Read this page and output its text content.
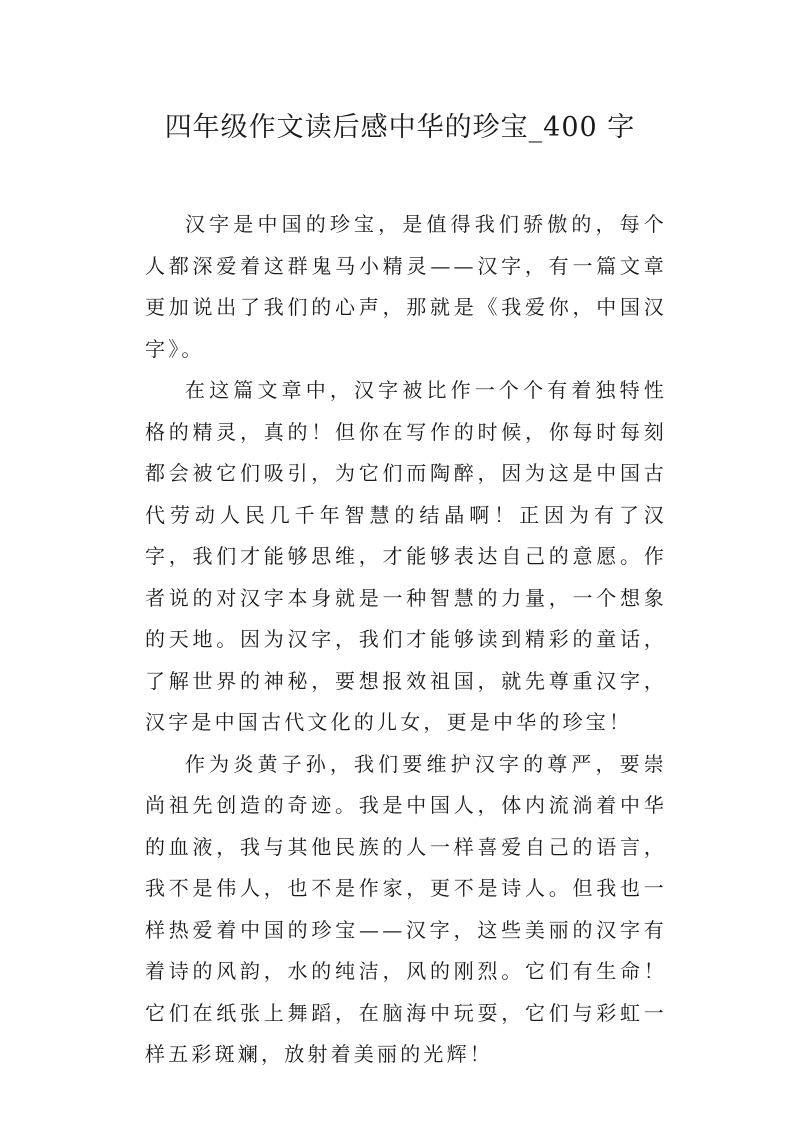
四年级作文读后感中华的珍宝_400 字

汉字是中国的珍宝，是值得我们骄傲的，每个人都深爱着这群鬼马小精灵——汉字，有一篇文章更加说出了我们的心声，那就是《我爱你，中国汉字》。

在这篇文章中，汉字被比作一个个有着独特性格的精灵，真的！但你在写作的时候，你每时每刻都会被它们吸引，为它们而陶醉，因为这是中国古代劳动人民几千年智慧的结晶啊！正因为有了汉字，我们才能够思维，才能够表达自己的意愿。作者说的对汉字本身就是一种智慧的力量，一个想象的天地。因为汉字，我们才能够读到精彩的童话，了解世界的神秘，要想报效祖国，就先尊重汉字，汉字是中国古代文化的儿女，更是中华的珍宝！

作为炎黄子孙，我们要维护汉字的尊严，要崇尚祖先创造的奇迹。我是中国人，体内流淌着中华的血液，我与其他民族的人一样喜爱自己的语言，我不是伟人，也不是作家，更不是诗人。但我也一样热爱着中国的珍宝——汉字，这些美丽的汉字有着诗的风韵，水的纯洁，风的刚烈。它们有生命！它们在纸张上舞蹈，在脑海中玩耍，它们与彩虹一样五彩斑斓，放射着美丽的光辉！
